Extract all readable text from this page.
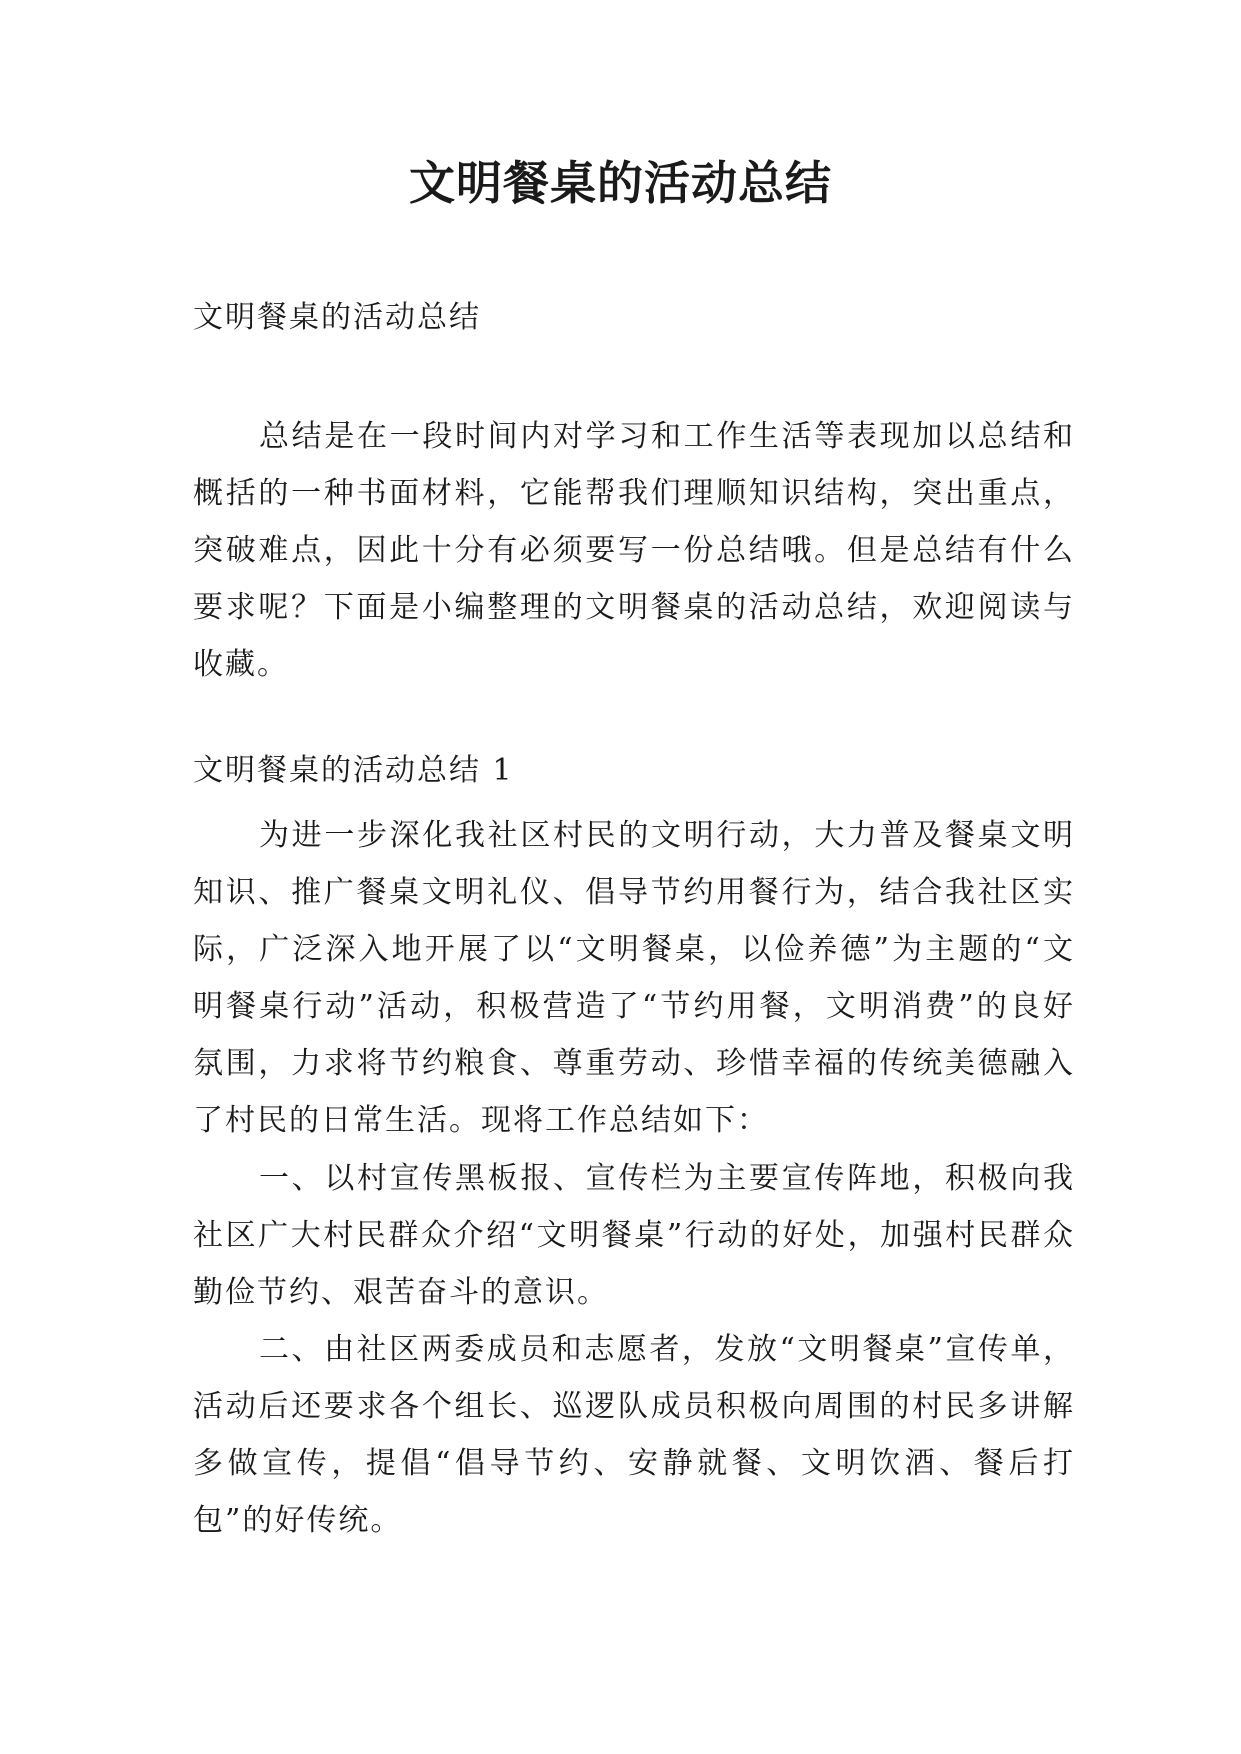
文明餐桌的活动总结
文明餐桌的活动总结
总结是在一段时间内对学习和工作生活等表现加以总结和概括的一种书面材料，它能帮我们理顺知识结构，突出重点，突破难点，因此十分有必须要写一份总结哦。但是总结有什么要求呢？下面是小编整理的文明餐桌的活动总结，欢迎阅读与收藏。
文明餐桌的活动总结 1
为进一步深化我社区村民的文明行动，大力普及餐桌文明知识、推广餐桌文明礼仪、倡导节约用餐行为，结合我社区实际，广泛深入地开展了以“文明餐桌，以俭养德”为主题的“文明餐桌行动”活动，积极营造了“节约用餐，文明消费”的良好氛围，力求将节约粮食、尊重劳动、珍惜幸福的传统美德融入了村民的日常生活。现将工作总结如下：
一、以村宣传黑板报、宣传栏为主要宣传阵地，积极向我社区广大村民群众介绍“文明餐桌”行动的好处，加强村民群众勤俭节约、艰苦奋斗的意识。
二、由社区两委成员和志愿者，发放“文明餐桌”宣传单，活动后还要求各个组长、巡逻队成员积极向周围的村民多讲解多做宣传，提倡“倡导节约、安静就餐、文明饮酒、餐后打包”的好传统。
